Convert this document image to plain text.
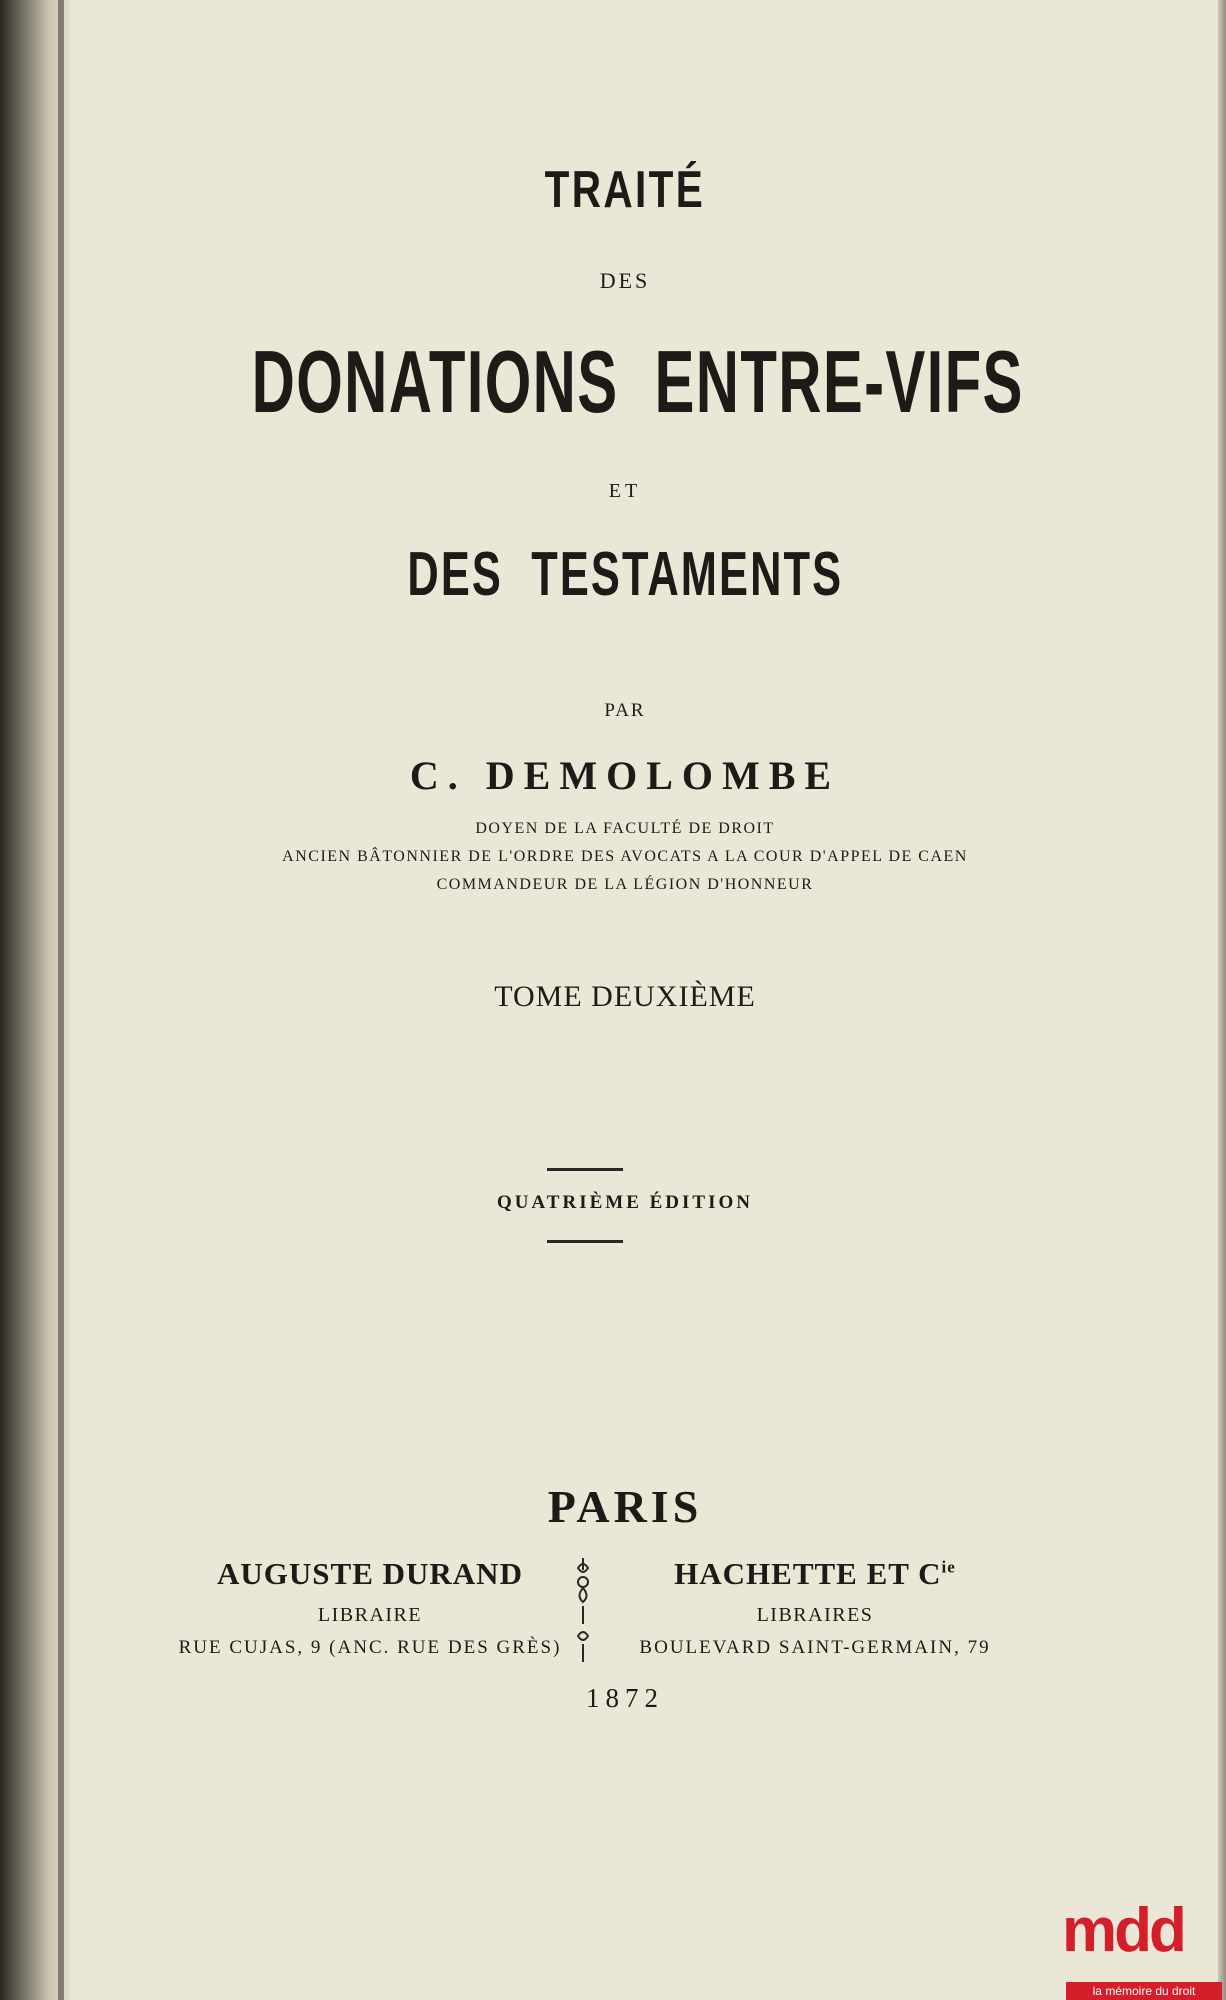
TRAITÉ
DES
DONATIONS  ENTRE-VIFS
ET
DES  TESTAMENTS
PAR
C. DEMOLOMBE
DOYEN DE LA FACULTÉ DE DROIT
ANCIEN BÂTONNIER DE L'ORDRE DES AVOCATS A LA COUR D'APPEL DE CAEN
COMMANDEUR DE LA LÉGION D'HONNEUR
TOME DEUXIÈME
QUATRIÈME ÉDITION
PARIS
AUGUSTE DURAND
LIBRAIRE
RUE CUJAS, 9 (ANC. RUE DES GRÈS)
HACHETTE ET $C^{ie}$
LIBRAIRES
BOULEVARD SAINT-GERMAIN, 79
1872
mdd
la mémoire du droit
